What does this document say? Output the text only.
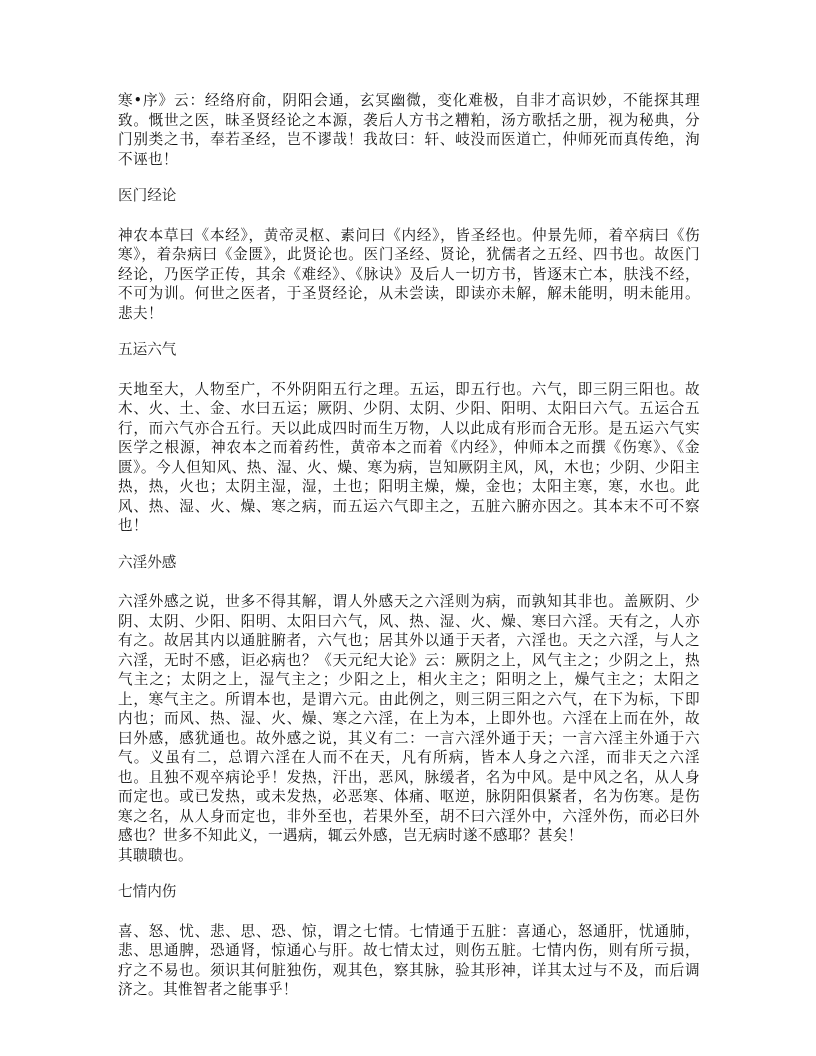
寒•序》云：经络府俞，阴阳会通，玄冥幽微，变化难极，自非才高识妙，不能探其理致。慨世之医，昧圣贤经论之本源，袭后人方书之糟粕，汤方歌括之册，视为秘典，分门别类之书，奉若圣经，岂不谬哉！我故曰：轩、岐没而医道亡，仲师死而真传绝，洵不诬也！

医门经论

神农本草曰《本经》，黄帝灵枢、素问曰《内经》，皆圣经也。仲景先师，着卒病曰《伤寒》，着杂病曰《金匮》，此贤论也。医门圣经、贤论，犹儒者之五经、四书也。故医门经论，乃医学正传，其余《难经》、《脉诀》及后人一切方书，皆逐末亡本，肤浅不经，不可为训。何世之医者，于圣贤经论，从未尝读，即读亦未解，解未能明，明未能用。悲夫！

五运六气

天地至大，人物至广，不外阴阳五行之理。五运，即五行也。六气，即三阴三阳也。故木、火、土、金、水曰五运；厥阴、少阴、太阴、少阳、阳明、太阳曰六气。五运合五行，而六气亦合五行。天以此成四时而生万物，人以此成有形而合无形。是五运六气实医学之根源，神农本之而着药性，黄帝本之而着《内经》，仲师本之而撰《伤寒》、《金匮》。今人但知风、热、湿、火、燥、寒为病，岂知厥阴主风，风，木也；少阴、少阳主热，热，火也；太阴主湿，湿，土也；阳明主燥，燥，金也；太阳主寒，寒，水也。此风、热、湿、火、燥、寒之病，而五运六气即主之，五脏六腑亦因之。其本末不可不察也！

六淫外感

六淫外感之说，世多不得其解，谓人外感天之六淫则为病，而孰知其非也。盖厥阴、少阴、太阴、少阳、阳明、太阳曰六气，风、热、湿、火、燥、寒曰六淫。天有之，人亦有之。故居其内以通脏腑者，六气也；居其外以通于天者，六淫也。天之六淫，与人之六淫，无时不感，讵必病也？《天元纪大论》云：厥阴之上，风气主之；少阴之上，热气主之；太阴之上，湿气主之；少阳之上，相火主之；阳明之上，燥气主之；太阳之上，寒气主之。所谓本也，是谓六元。由此例之，则三阴三阳之六气，在下为标，下即内也；而风、热、湿、火、燥、寒之六淫，在上为本，上即外也。六淫在上而在外，故曰外感，感犹通也。故外感之说，其义有二：一言六淫外通于天；一言六淫主外通于六气。义虽有二，总谓六淫在人而不在天，凡有所病，皆本人身之六淫，而非天之六淫也。且独不观卒病论乎！发热，汗出，恶风，脉缓者，名为中风。是中风之名，从人身而定也。或已发热，或未发热，必恶寒、体痛、呕逆，脉阴阳俱紧者，名为伤寒。是伤寒之名，从人身而定也，非外至也，若果外至，胡不曰六淫外中，六淫外伤，而必曰外感也？世多不知此义，一遇病，辄云外感，岂无病时遂不感耶？甚矣！

其聩聩也。

七情内伤

喜、怒、忧、悲、思、恐、惊，谓之七情。七情通于五脏：喜通心，怒通肝，忧通肺，悲、思通脾，恐通肾，惊通心与肝。故七情太过，则伤五脏。七情内伤，则有所亏损，疗之不易也。须识其何脏独伤，观其色，察其脉，验其形神，详其太过与不及，而后调济之。其惟智者之能事乎！
